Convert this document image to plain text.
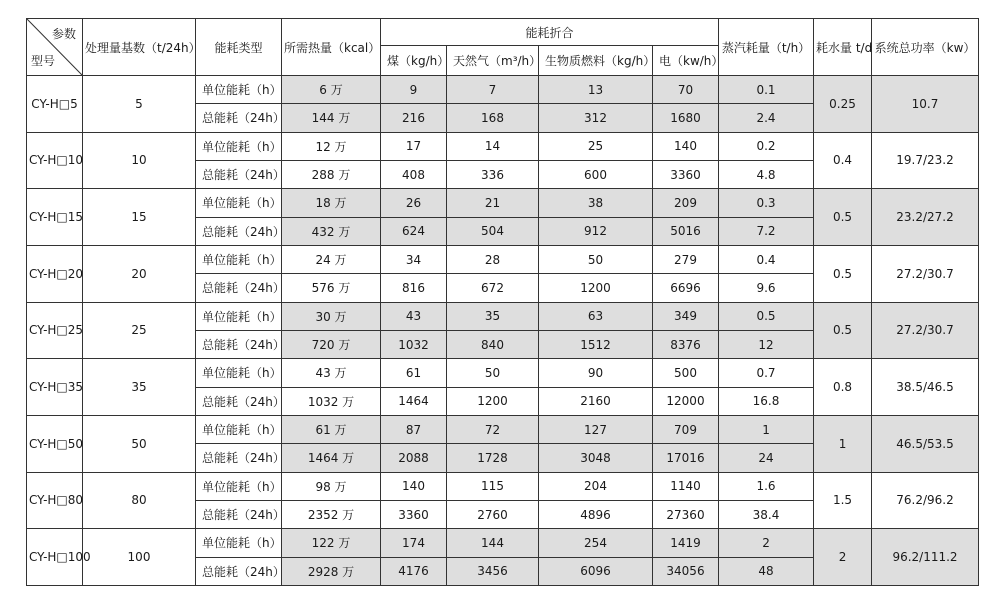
参数
型号	处理量基数（t/24h）	能耗类型	所需热量（kcal）	能耗折合				蒸汽耗量（t/h）	耗水量 t/d	系统总功率（kw）
				煤（kg/h）	天然气（m³/h）	生物质燃料（kg/h）	电（kw/h）			
CY-H□5	5	单位能耗（h）	6 万	9	7	13	70	0.1	0.25	10.7
		总能耗（24h）	144 万	216	168	312	1680	2.4		
CY-H□10	10	单位能耗（h）	12 万	17	14	25	140	0.2	0.4	19.7/23.2
		总能耗（24h）	288 万	408	336	600	3360	4.8		
CY-H□15	15	单位能耗（h）	18 万	26	21	38	209	0.3	0.5	23.2/27.2
		总能耗（24h）	432 万	624	504	912	5016	7.2		
CY-H□20	20	单位能耗（h）	24 万	34	28	50	279	0.4	0.5	27.2/30.7
		总能耗（24h）	576 万	816	672	1200	6696	9.6		
CY-H□25	25	单位能耗（h）	30 万	43	35	63	349	0.5	0.5	27.2/30.7
		总能耗（24h）	720 万	1032	840	1512	8376	12		
CY-H□35	35	单位能耗（h）	43 万	61	50	90	500	0.7	0.8	38.5/46.5
		总能耗（24h）	1032 万	1464	1200	2160	12000	16.8		
CY-H□50	50	单位能耗（h）	61 万	87	72	127	709	1	1	46.5/53.5
		总能耗（24h）	1464 万	2088	1728	3048	17016	24		
CY-H□80	80	单位能耗（h）	98 万	140	115	204	1140	1.6	1.5	76.2/96.2
		总能耗（24h）	2352 万	3360	2760	4896	27360	38.4		
CY-H□100	100	单位能耗（h）	122 万	174	144	254	1419	2	2	96.2/111.2
		总能耗（24h）	2928 万	4176	3456	6096	34056	48		
